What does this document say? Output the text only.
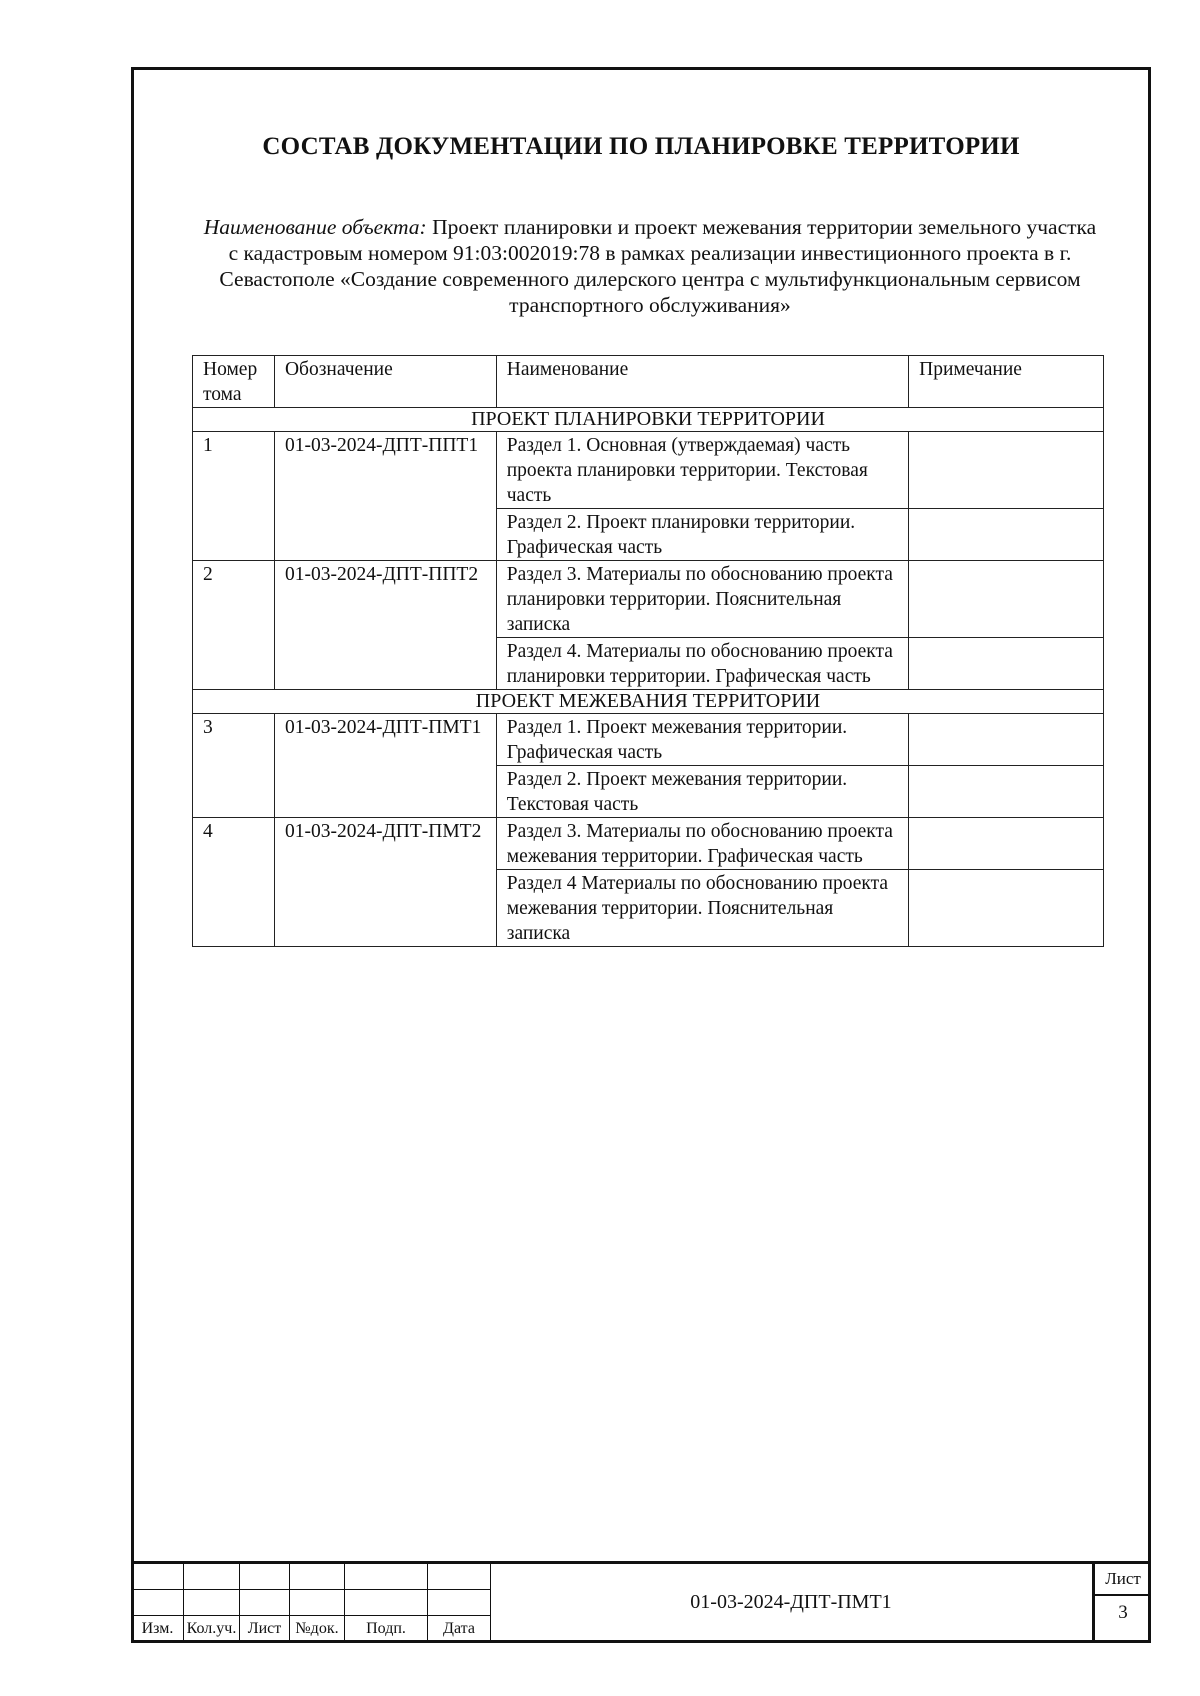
СОСТАВ ДОКУМЕНТАЦИИ ПО ПЛАНИРОВКЕ ТЕРРИТОРИИ
Наименование объекта: Проект планировки и проект межевания территории земельного участка с кадастровым номером 91:03:002019:78 в рамках реализации инвестиционного проекта в г. Севастополе «Создание современного дилерского центра с мультифункциональным сервисом транспортного обслуживания»
Номер тома	Обозначение	Наименование	Примечание
ПРОЕКТ ПЛАНИРОВКИ ТЕРРИТОРИИ			
1	01-03-2024-ДПТ-ППТ1	Раздел 1. Основная (утверждаемая) часть проекта планировки территории. Текстовая часть	
		Раздел 2. Проект планировки территории. Графическая часть	
2	01-03-2024-ДПТ-ППТ2	Раздел 3. Материалы по обоснованию проекта планировки территории. Пояснительная записка	
		Раздел 4. Материалы по обоснованию проекта планировки территории. Графическая часть	
ПРОЕКТ МЕЖЕВАНИЯ ТЕРРИТОРИИ			
3	01-03-2024-ДПТ-ПМТ1	Раздел 1. Проект межевания территории. Графическая часть	
		Раздел 2. Проект межевания территории. Текстовая часть	
4	01-03-2024-ДПТ-ПМТ2	Раздел 3. Материалы по обоснованию проекта межевания территории. Графическая часть	
		Раздел 4 Материалы по обоснованию проекта межевания территории. Пояснительная записка	

Изм.	Кол.уч.	Лист	№док.	Подп.	Дата
01-03-2024-ДПТ-ПМТ1
Лист
3
